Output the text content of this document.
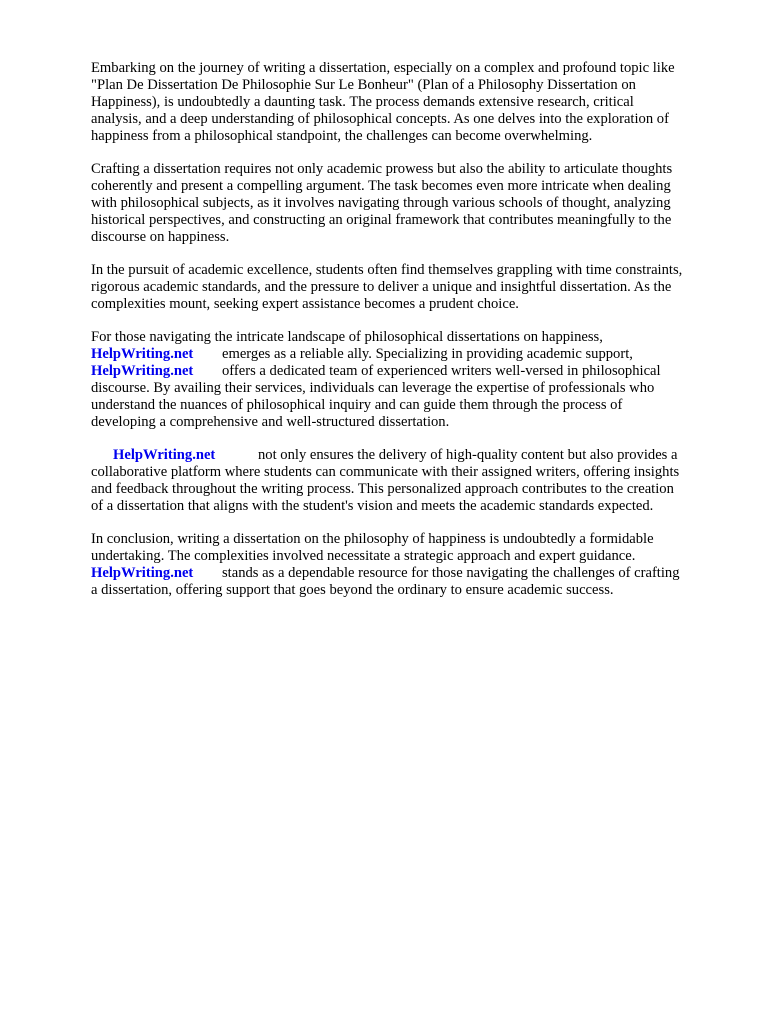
Embarking on the journey of writing a dissertation, especially on a complex and profound topic like
"Plan De Dissertation De Philosophie Sur Le Bonheur" (Plan of a Philosophy Dissertation on
Happiness), is undoubtedly a daunting task. The process demands extensive research, critical
analysis, and a deep understanding of philosophical concepts. As one delves into the exploration of
happiness from a philosophical standpoint, the challenges can become overwhelming.
Crafting a dissertation requires not only academic prowess but also the ability to articulate thoughts
coherently and present a compelling argument. The task becomes even more intricate when dealing
with philosophical subjects, as it involves navigating through various schools of thought, analyzing
historical perspectives, and constructing an original framework that contributes meaningfully to the
discourse on happiness.
In the pursuit of academic excellence, students often find themselves grappling with time constraints,
rigorous academic standards, and the pressure to deliver a unique and insightful dissertation. As the
complexities mount, seeking expert assistance becomes a prudent choice.
For those navigating the intricate landscape of philosophical dissertations on happiness,
HelpWriting.net emerges as a reliable ally. Specializing in providing academic support,
HelpWriting.net offers a dedicated team of experienced writers well-versed in philosophical
discourse. By availing their services, individuals can leverage the expertise of professionals who
understand the nuances of philosophical inquiry and can guide them through the process of
developing a comprehensive and well-structured dissertation.
HelpWriting.net	not only ensures the delivery of high-quality content but also provides a
collaborative platform where students can communicate with their assigned writers, offering insights
and feedback throughout the writing process. This personalized approach contributes to the creation
of a dissertation that aligns with the student's vision and meets the academic standards expected.
In conclusion, writing a dissertation on the philosophy of happiness is undoubtedly a formidable
undertaking. The complexities involved necessitate a strategic approach and expert guidance.
HelpWriting.net stands as a dependable resource for those navigating the challenges of crafting
a dissertation, offering support that goes beyond the ordinary to ensure academic success.
